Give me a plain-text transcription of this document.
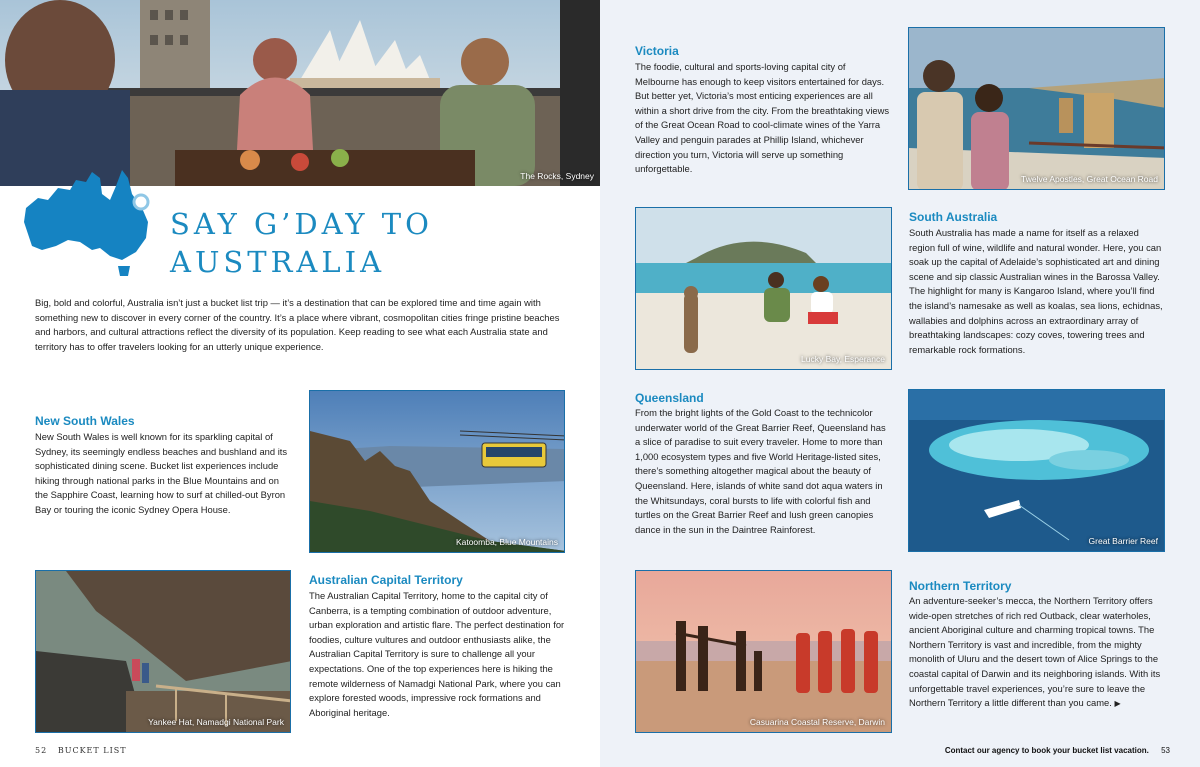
The Rocks, Sydney
SAY G’DAY TO
AUSTRALIA

Big, bold and colorful, Australia isn’t just a bucket list trip — it’s a destination that can be explored time and time again with something new to discover in every corner of the country. It’s a place where vibrant, cosmopolitan cities fringe pristine beaches and harbors, and cultural attractions reflect the diversity of its population. Keep reading to see what each Australia state and territory has to offer travelers looking for an utterly unique experience.

New South Wales

New South Wales is well known for its sparkling capital of Sydney, its seemingly endless beaches and bushland and its sophisticated dining scene. Bucket list experiences include hiking through national parks in the Blue Mountains and on the Sapphire Coast, learning how to surf at chilled-out Byron Bay or touring the iconic Sydney Opera House.

Katoomba, Blue Mountains
Yankee Hat, Namadgi National Park
Australian Capital Territory

The Australian Capital Territory, home to the capital city of Canberra, is a tempting combination of outdoor adventure, urban exploration and artistic flare. The perfect destination for foodies, culture vultures and outdoor enthusiasts alike, the Australian Capital Territory is sure to challenge all your expectations. One of the top experiences here is hiking the remote wilderness of Namadgi National Park, where you can explore forested woods, impressive rock formations and Aboriginal heritage.

52 BUCKET LIST
Victoria

The foodie, cultural and sports-loving capital city of Melbourne has enough to keep visitors entertained for days. But better yet, Victoria’s most enticing experiences are all within a short drive from the city. From the breathtaking views of the Great Ocean Road to cool-climate wines of the Yarra Valley and penguin parades at Phillip Island, whichever direction you turn, Victoria will serve up something unforgettable.

Twelve Apostles, Great Ocean Road
Lucky Bay, Esperance
South Australia

South Australia has made a name for itself as a relaxed region full of wine, wildlife and natural wonder. Here, you can soak up the capital of Adelaide’s sophisticated art and dining scene and sip classic Australian wines in the Barossa Valley. The highlight for many is Kangaroo Island, where you’ll find the island’s namesake as well as koalas, sea lions, echidnas, wallabies and dolphins across an extraordinary array of breathtaking landscapes: cozy coves, towering trees and remarkable rock formations.

Queensland

From the bright lights of the Gold Coast to the technicolor underwater world of the Great Barrier Reef, Queensland has a slice of paradise to suit every traveler. Home to more than 1,000 ecosystem types and five World Heritage-listed sites, there’s something altogether magical about the beauty of Queensland. Here, islands of white sand dot aqua waters in the Whitsundays, coral bursts to life with colorful fish and turtles on the Great Barrier Reef and lush green canopies dance in the sun in the Daintree Rainforest.

Great Barrier Reef
Casuarina Coastal Reserve, Darwin
Northern Territory

An adventure-seeker’s mecca, the Northern Territory offers wide-open stretches of rich red Outback, clear waterholes, ancient Aboriginal culture and charming tropical towns. The Northern Territory is vast and incredible, from the mighty monolith of Uluru and the desert town of Alice Springs to the coastal capital of Darwin and its neighboring islands. With its unforgettable travel experiences, you’re sure to leave the Northern Territory a little different than you came. ▶

Contact our agency to book your bucket list vacation. 53
